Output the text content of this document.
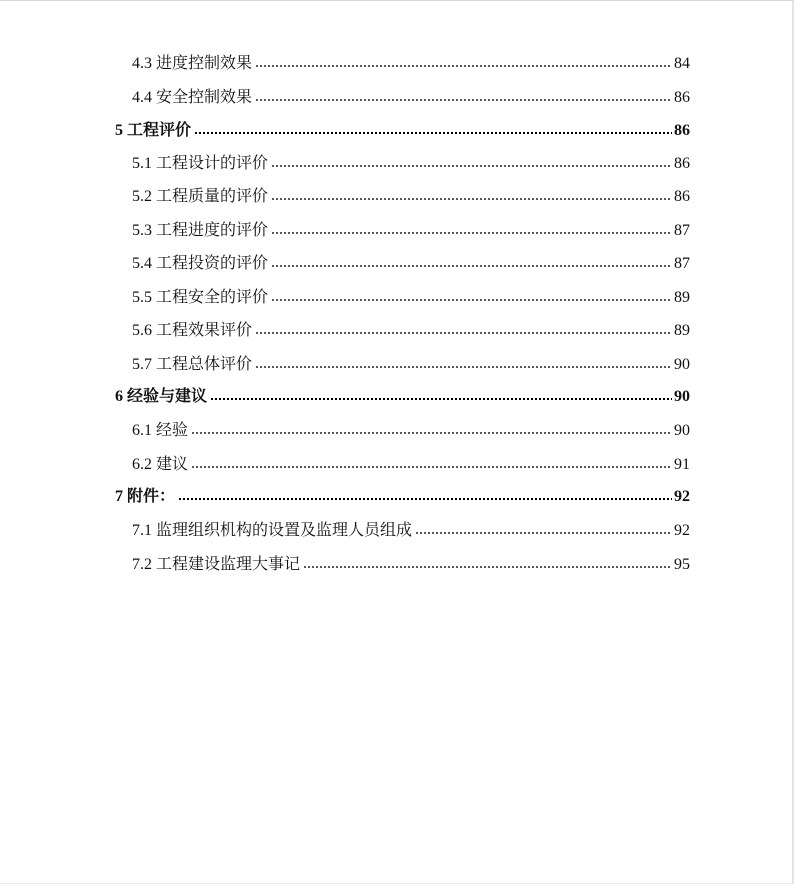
4.3 进度控制效果	84
4.4 安全控制效果	86
5 工程评价	86
5.1 工程设计的评价	86
5.2 工程质量的评价	86
5.3 工程进度的评价	87
5.4 工程投资的评价	87
5.5 工程安全的评价	89
5.6 工程效果评价	89
5.7 工程总体评价	90
6 经验与建议	90
6.1 经验	90
6.2 建议	91
7 附件：	92
7.1 监理组织机构的设置及监理人员组成	92
7.2 工程建设监理大事记	95
